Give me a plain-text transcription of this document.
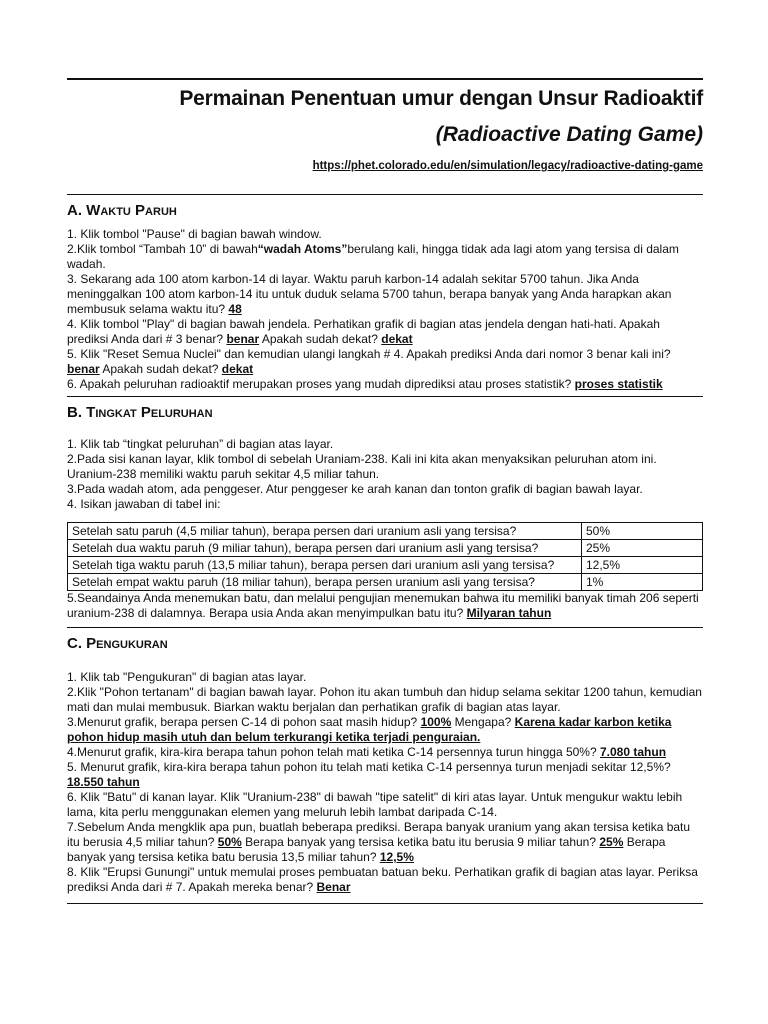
Permainan Penentuan umur dengan Unsur Radioaktif
(Radioactive Dating Game)
https://phet.colorado.edu/en/simulation/legacy/radioactive-dating-game
A. Waktu Paruh
1. Klik tombol "Pause" di bagian bawah window.
2.Klik tombol “Tambah 10” di bawah“wadah Atoms”berulang kali, hingga tidak ada lagi atom yang tersisa di dalam wadah.
3. Sekarang ada 100 atom karbon-14 di layar. Waktu paruh karbon-14 adalah sekitar 5700 tahun. Jika Anda meninggalkan 100 atom karbon-14 itu untuk duduk selama 5700 tahun, berapa banyak yang Anda harapkan akan membusuk selama waktu itu? 48
4. Klik tombol "Play" di bagian bawah jendela. Perhatikan grafik di bagian atas jendela dengan hati-hati. Apakah prediksi Anda dari # 3 benar? benar Apakah sudah dekat? dekat
5. Klik "Reset Semua Nuclei" dan kemudian ulangi langkah # 4. Apakah prediksi Anda dari nomor 3 benar kali ini? benar Apakah sudah dekat? dekat
6. Apakah peluruhan radioaktif merupakan proses yang mudah diprediksi atau proses statistik? proses statistik
B. Tingkat Peluruhan
1. Klik tab “tingkat peluruhan” di bagian atas layar.
2.Pada sisi kanan layar, klik tombol di sebelah Uraniam-238. Kali ini kita akan menyaksikan peluruhan atom ini. Uranium-238 memiliki waktu paruh sekitar 4,5 miliar tahun.
3.Pada wadah atom, ada penggeser. Atur penggeser ke arah kanan dan tonton grafik di bagian bawah layar.
4. Isikan jawaban di tabel ini:
Setelah satu paruh (4,5 miliar tahun), berapa persen dari uranium asli yang tersisa?	50%
Setelah dua waktu paruh (9 miliar tahun), berapa persen dari uranium asli yang tersisa?	25%
Setelah tiga waktu paruh (13,5 miliar tahun), berapa persen dari uranium asli yang tersisa?	12,5%
Setelah empat waktu paruh (18 miliar tahun), berapa persen uranium asli yang tersisa?	1%
5.Seandainya Anda menemukan batu, dan melalui pengujian menemukan bahwa itu memiliki banyak timah 206 seperti uranium-238 di dalamnya. Berapa usia Anda akan menyimpulkan batu itu? Milyaran tahun
C. Pengukuran
1. Klik tab "Pengukuran" di bagian atas layar.
2.Klik "Pohon tertanam" di bagian bawah layar. Pohon itu akan tumbuh dan hidup selama sekitar 1200 tahun, kemudian mati dan mulai membusuk. Biarkan waktu berjalan dan perhatikan grafik di bagian atas layar.
3.Menurut grafik, berapa persen C-14 di pohon saat masih hidup? 100% Mengapa? Karena kadar karbon ketika pohon hidup masih utuh dan belum terkurangi ketika terjadi penguraian.
4.Menurut grafik, kira-kira berapa tahun pohon telah mati ketika C-14 persennya turun hingga 50%? 7.080 tahun
5. Menurut grafik, kira-kira berapa tahun pohon itu telah mati ketika C-14 persennya turun menjadi sekitar 12,5%? 18.550 tahun
6. Klik "Batu" di kanan layar. Klik "Uranium-238" di bawah "tipe satelit" di kiri atas layar. Untuk mengukur waktu lebih lama, kita perlu menggunakan elemen yang meluruh lebih lambat daripada C-14.
7.Sebelum Anda mengklik apa pun, buatlah beberapa prediksi. Berapa banyak uranium yang akan tersisa ketika batu itu berusia 4,5 miliar tahun? 50% Berapa banyak yang tersisa ketika batu itu berusia 9 miliar tahun? 25% Berapa banyak yang tersisa ketika batu berusia 13,5 miliar tahun? 12,5%
8. Klik "Erupsi Gunungi" untuk memulai proses pembuatan batuan beku. Perhatikan grafik di bagian atas layar. Periksa prediksi Anda dari # 7. Apakah mereka benar? Benar
